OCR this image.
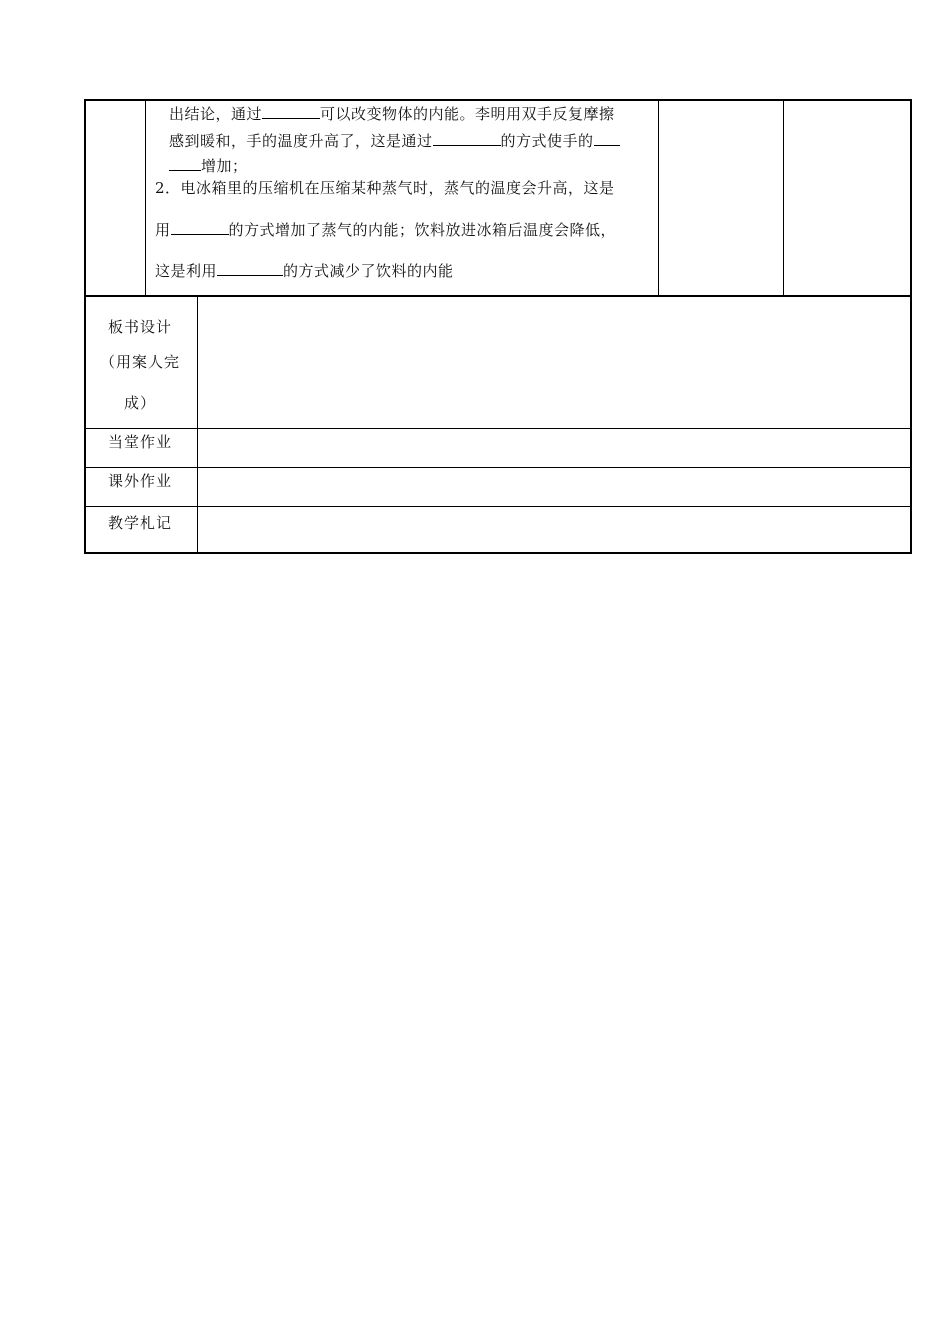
出结论，通过	可以改变物体的内能。李明用双手反复摩擦
感到暖和，手的温度升高了，这是通过	的方式使手的
增加；
2．电冰箱里的压缩机在压缩某种蒸气时，蒸气的温度会升高，这是
用	的方式增加了蒸气的内能；饮料放进冰箱后温度会降低，
这是利用	的方式减少了饮料的内能
板书设计
（用案人完
成）
当堂作业
课外作业
教学札记
